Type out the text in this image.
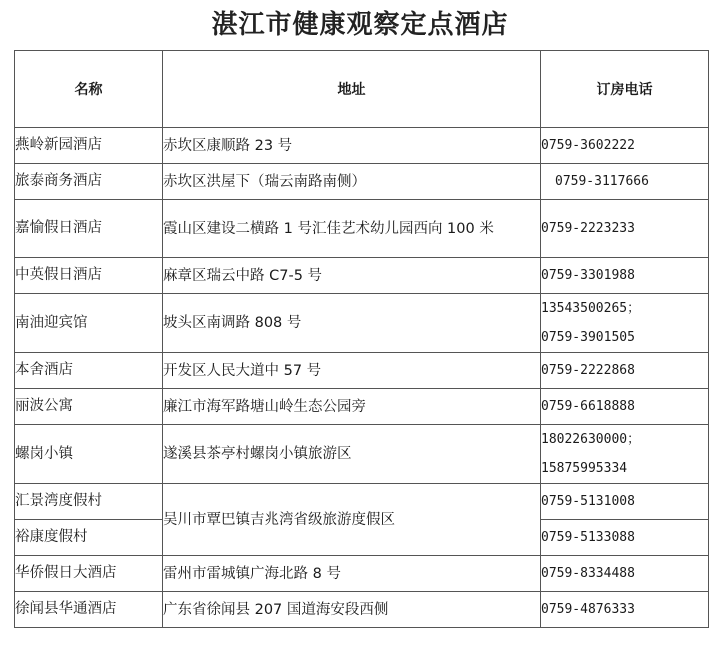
湛江市健康观察定点酒店
名称	地址	订房电话
燕岭新园酒店	赤坎区康顺路 23 号	0759-3602222
旅泰商务酒店	赤坎区洪屋下（瑞云南路南侧）	0759-3117666
嘉愉假日酒店	霞山区建设二横路 1 号汇佳艺术幼儿园西向 100 米	0759-2223233
中英假日酒店	麻章区瑞云中路 C7-5 号	0759-3301988
南油迎宾馆	坡头区南调路 808 号	13543500265；
0759-3901505

本舍酒店	开发区人民大道中 57 号	0759-2222868
丽波公寓	廉江市海军路塘山岭生态公园旁	0759-6618888
螺岗小镇	遂溪县茶亭村螺岗小镇旅游区	18022630000；
15875995334

汇景湾度假村	吴川市覃巴镇吉兆湾省级旅游度假区	0759-5131008
裕康度假村		0759-5133088
华侨假日大酒店	雷州市雷城镇广海北路 8 号	0759-8334488
徐闻县华通酒店	广东省徐闻县 207 国道海安段西侧	0759-4876333
